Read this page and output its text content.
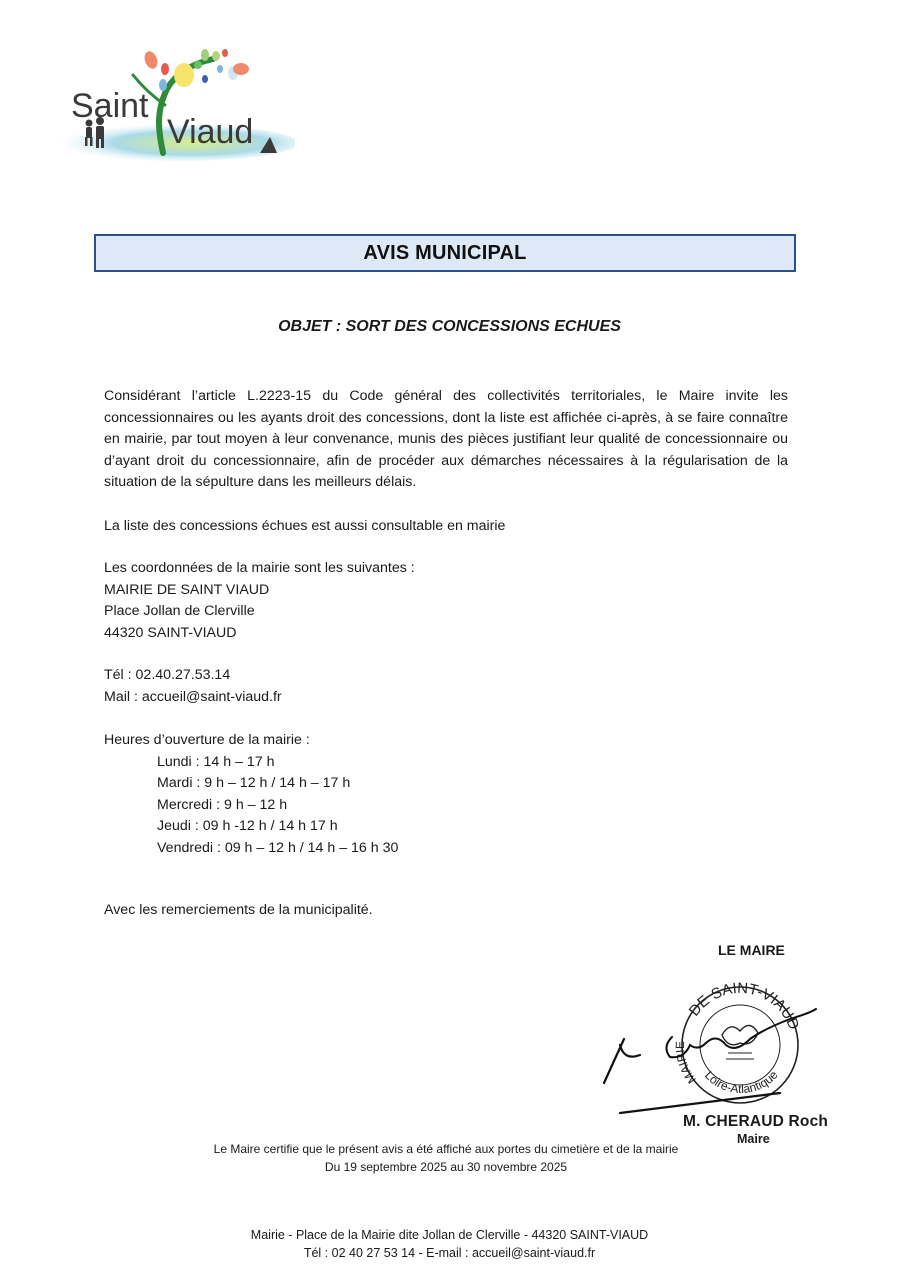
Saint
Viaud
AVIS MUNICIPAL
OBJET : SORT DES CONCESSIONS ECHUES
Considérant l’article L.2223-15 du Code général des collectivités territoriales, le Maire invite les concessionnaires ou les ayants droit des concessions, dont la liste est affichée ci-après, à se faire connaître en mairie, par tout moyen à leur convenance, munis des pièces justifiant leur qualité de concessionnaire ou d’ayant droit du concessionnaire, afin de procéder aux démarches nécessaires à la régularisation de la situation de la sépulture dans les meilleurs délais.
La liste des concessions échues est aussi consultable en mairie
Les coordonnées de la mairie sont les suivantes :
MAIRIE DE SAINT VIAUD
Place Jollan de Clerville
44320 SAINT-VIAUD
Tél : 02.40.27.53.14
Mail : accueil@saint-viaud.fr
Heures d’ouverture de la mairie :
Lundi : 14 h – 17 h
Mardi : 9 h – 12 h / 14 h – 17 h
Mercredi : 9 h – 12 h
Jeudi : 09 h -12 h / 14 h 17 h
Vendredi : 09 h – 12 h / 14 h – 16 h 30
Avec les remerciements de la municipalité.
LE MAIRE
DE SAINT-VIAUD
MAIRIE
Loire-Atlantique
M. CHERAUD Roch
Maire
Le Maire certifie que le présent avis a été affiché aux portes du cimetière et de la mairie
Du 19 septembre 2025 au 30 novembre 2025
Mairie - Place de la Mairie dite Jollan de Clerville - 44320 SAINT-VIAUD
Tél : 02 40 27 53 14 - E-mail : accueil@saint-viaud.fr
